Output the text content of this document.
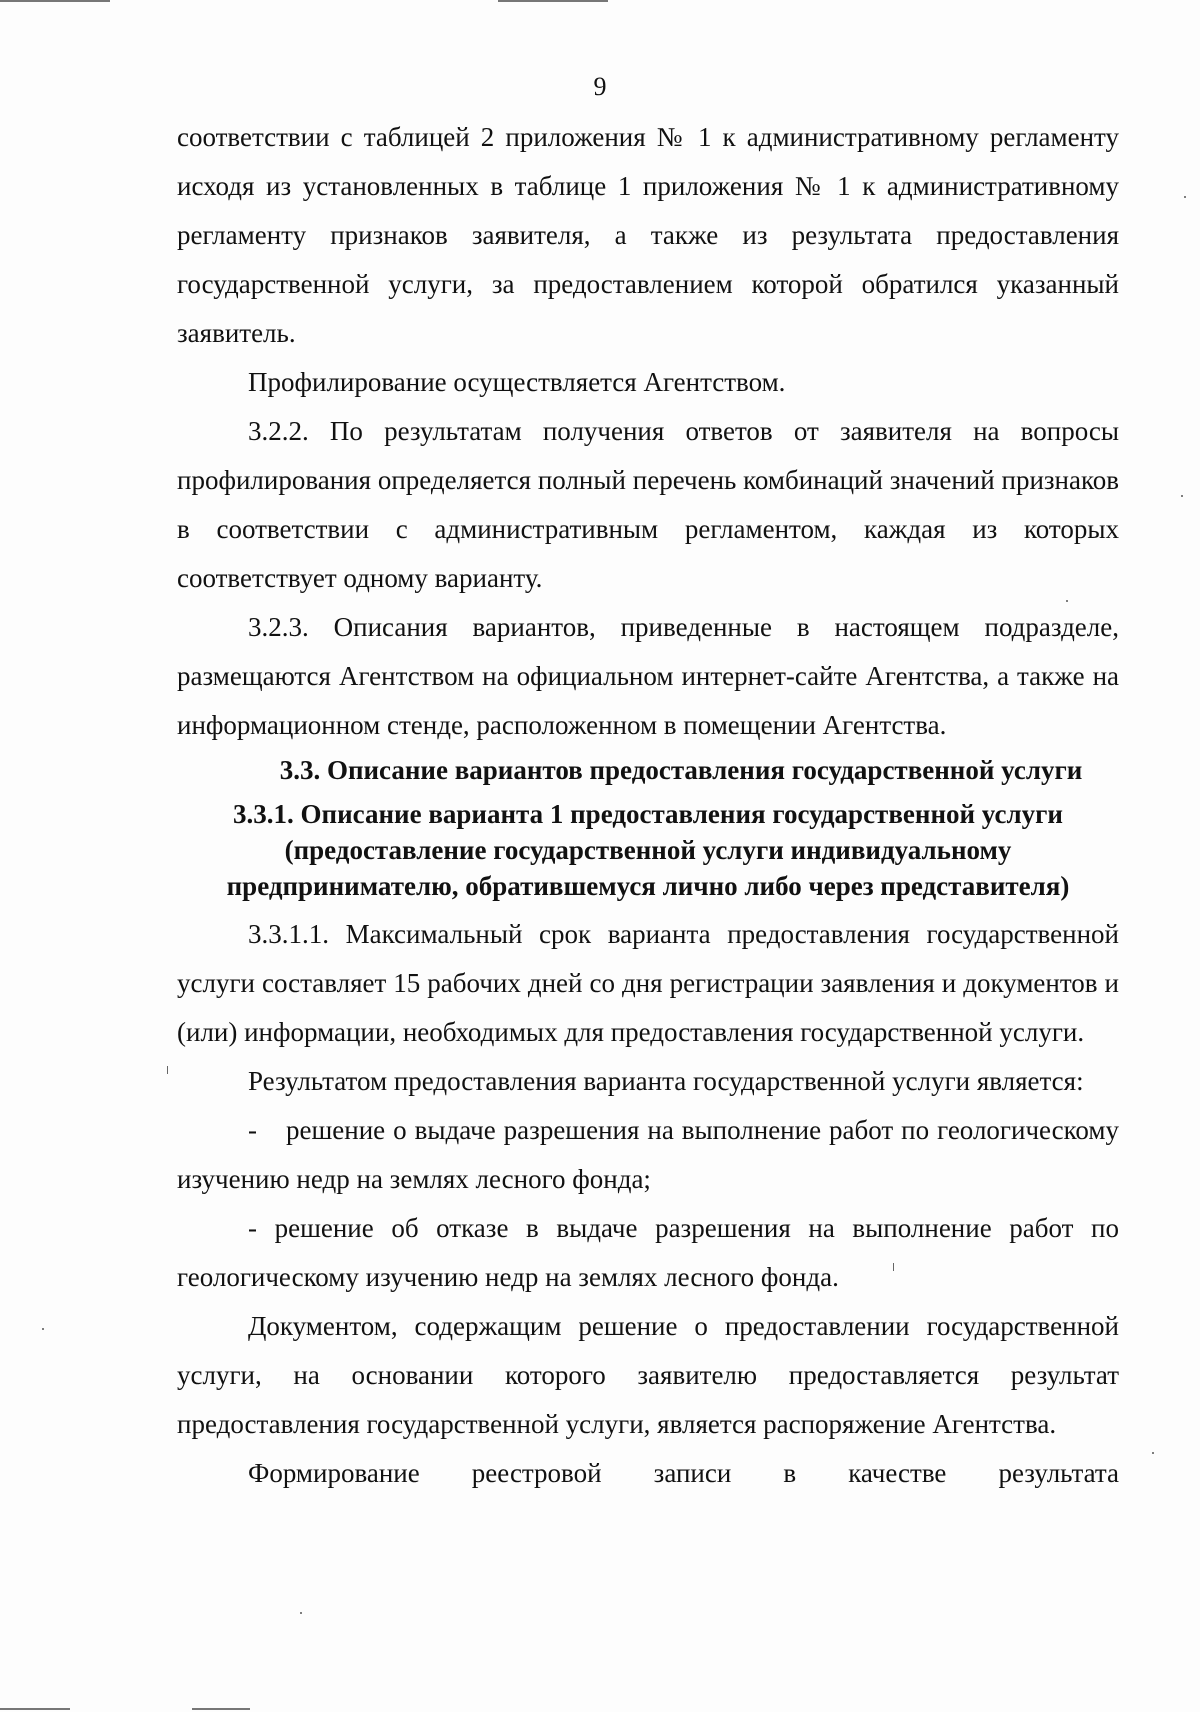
9

соответствии с таблицей 2 приложения № 1 к административному регламенту исходя из установленных в таблице 1 приложения № 1 к административному регламенту признаков заявителя, а также из результата предоставления государственной услуги, за предоставлением которой обратился указанный заявитель.

Профилирование осуществляется Агентством.

3.2.2. По результатам получения ответов от заявителя на вопросы профилирования определяется полный перечень комбинаций значений признаков в соответствии с административным регламентом, каждая из которых соответствует одному варианту.

3.2.3. Описания вариантов, приведенные в настоящем подразделе, размещаются Агентством на официальном интернет-сайте Агентства, а также на информационном стенде, расположенном в помещении Агентства.

3.3. Описание вариантов предоставления государственной услуги

3.3.1. Описание варианта 1 предоставления государственной услуги
(предоставление государственной услуги индивидуальному
предпринимателю, обратившемуся лично либо через представителя)

3.3.1.1. Максимальный срок варианта предоставления государственной услуги составляет 15 рабочих дней со дня регистрации заявления и документов и (или) информации, необходимых для предоставления государственной услуги.

Результатом предоставления варианта государственной услуги является:

- решение о выдаче разрешения на выполнение работ по геологическому изучению недр на землях лесного фонда;

- решение об отказе в выдаче разрешения на выполнение работ по геологическому изучению недр на землях лесного фонда.

Документом, содержащим решение о предоставлении государственной услуги, на основании которого заявителю предоставляется результат предоставления государственной услуги, является распоряжение Агентства.

Формирование реестровой записи в качестве результата
